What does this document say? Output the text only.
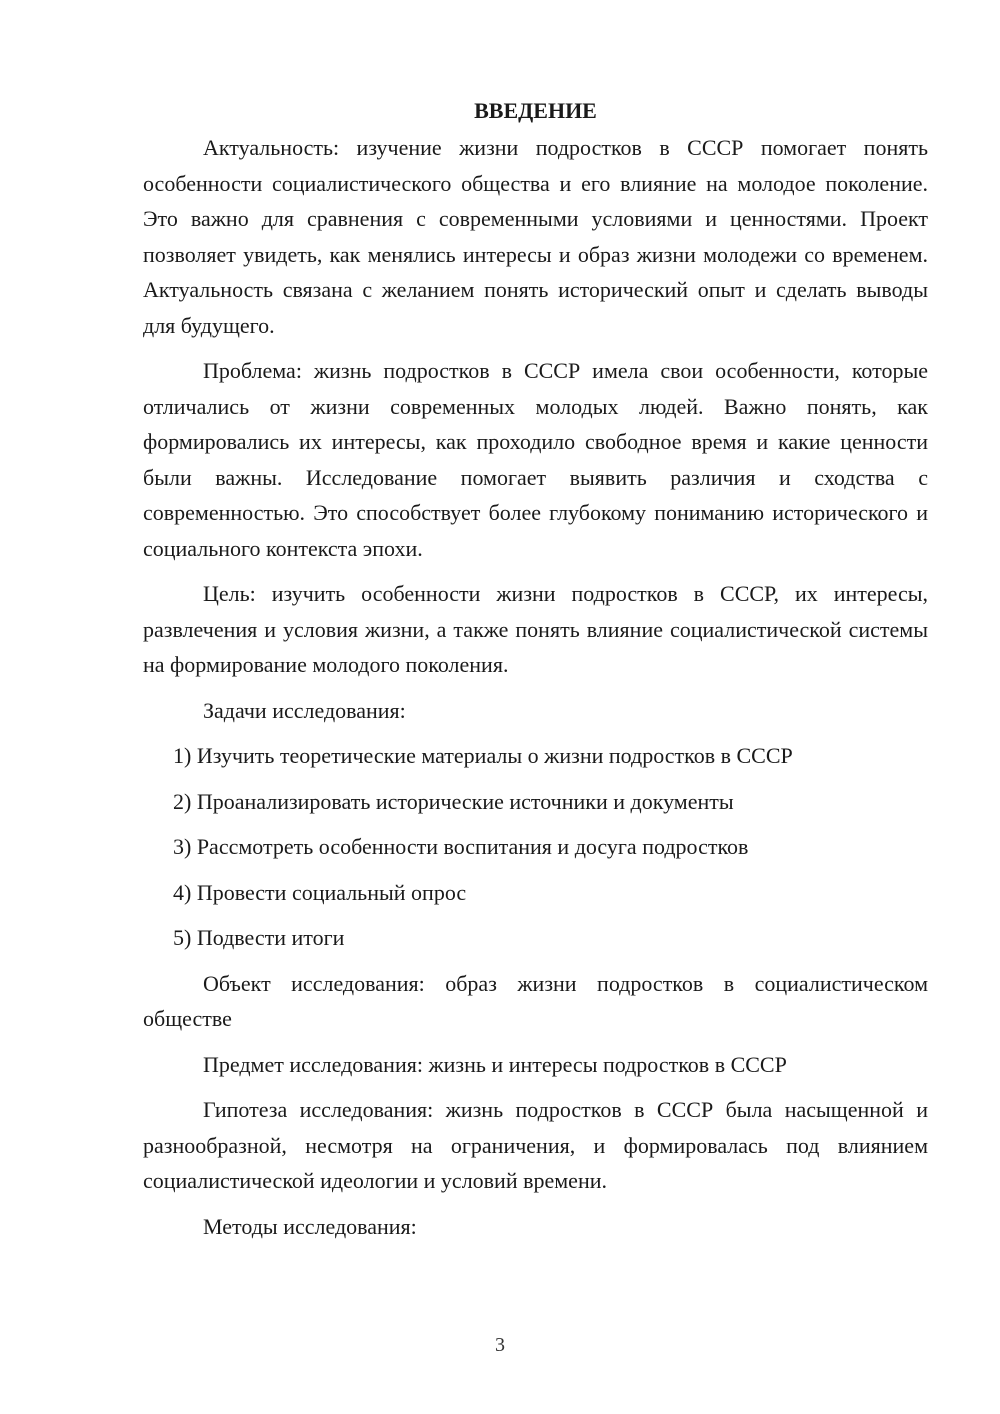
ВВЕДЕНИЕ

Актуальность: изучение жизни подростков в СССР помогает понять особенности социалистического общества и его влияние на молодое поколение. Это важно для сравнения с современными условиями и ценностями. Проект позволяет увидеть, как менялись интересы и образ жизни молодежи со временем. Актуальность связана с желанием понять исторический опыт и сделать выводы для будущего.

Проблема: жизнь подростков в СССР имела свои особенности, которые отличались от жизни современных молодых людей. Важно понять, как формировались их интересы, как проходило свободное время и какие ценности были важны. Исследование помогает выявить различия и сходства с современностью. Это способствует более глубокому пониманию исторического и социального контекста эпохи.

Цель: изучить особенности жизни подростков в СССР, их интересы, развлечения и условия жизни, а также понять влияние социалистической системы на формирование молодого поколения.

Задачи исследования:

1) Изучить теоретические материалы о жизни подростков в СССР
2) Проанализировать исторические источники и документы
3) Рассмотреть особенности воспитания и досуга подростков
4) Провести социальный опрос
5) Подвести итоги

Объект исследования: образ жизни подростков в социалистическом обществе

Предмет исследования: жизнь и интересы подростков в СССР

Гипотеза исследования: жизнь подростков в СССР была насыщенной и разнообразной, несмотря на ограничения, и формировалась под влиянием социалистической идеологии и условий времени.

Методы исследования:

3
